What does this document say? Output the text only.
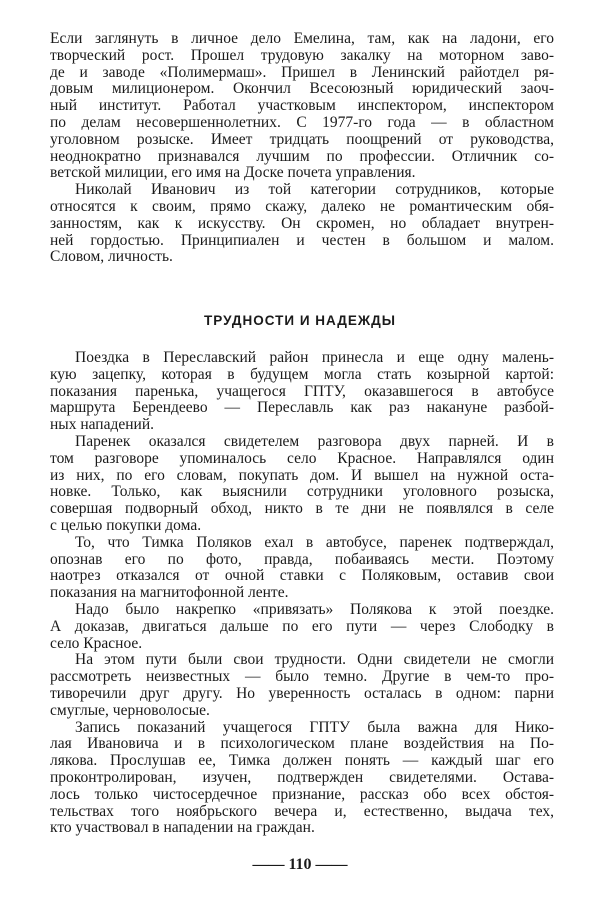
Если заглянуть в личное дело Емелина, там, как на ладони, его
творческий рост. Прошел трудовую закалку на моторном заво-
де и заводе «Полимермаш». Пришел в Ленинский райотдел ря-
довым милиционером. Окончил Всесоюзный юридический заоч-
ный институт. Работал участковым инспектором, инспектором
по делам несовершеннолетних. С 1977-го года — в областном
уголовном розыске. Имеет тридцать поощрений от руководства,
неоднократно признавался лучшим по профессии. Отличник со-
ветской милиции, его имя на Доске почета управления.
Николай Иванович из той категории сотрудников, которые
относятся к своим, прямо скажу, далеко не романтическим обя-
занностям, как к искусству. Он скромен, но обладает внутрен-
ней гордостью. Принципиален и честен в большом и малом.
Словом, личность.
ТРУДНОСТИ И НАДЕЖДЫ
Поездка в Переславский район принесла и еще одну малень-
кую зацепку, которая в будущем могла стать козырной картой:
показания паренька, учащегося ГПТУ, оказавшегося в автобусе
маршрута Берендеево — Переславль как раз накануне разбой-
ных нападений.
Паренек оказался свидетелем разговора двух парней. И в
том разговоре упоминалось село Красное. Направлялся один
из них, по его словам, покупать дом. И вышел на нужной оста-
новке. Только, как выяснили сотрудники уголовного розыска,
совершая подворный обход, никто в те дни не появлялся в селе
с целью покупки дома.
То, что Тимка Поляков ехал в автобусе, паренек подтверждал,
опознав его по фото, правда, побаиваясь мести. Поэтому
наотрез отказался от очной ставки с Поляковым, оставив свои
показания на магнитофонной ленте.
Надо было накрепко «привязать» Полякова к этой поездке.
А доказав, двигаться дальше по его пути — через Слободку в
село Красное.
На этом пути были свои трудности. Одни свидетели не смогли
рассмотреть неизвестных — было темно. Другие в чем-то про-
тиворечили друг другу. Но уверенность осталась в одном: парни
смуглые, черноволосые.
Запись показаний учащегося ГПТУ была важна для Нико-
лая Ивановича и в психологическом плане воздействия на По-
лякова. Прослушав ее, Тимка должен понять — каждый шаг его
проконтролирован, изучен, подтвержден свидетелями. Остава-
лось только чистосердечное признание, рассказ обо всех обстоя-
тельствах того ноябрьского вечера и, естественно, выдача тех,
кто участвовал в нападении на граждан.
—— 110 ——
